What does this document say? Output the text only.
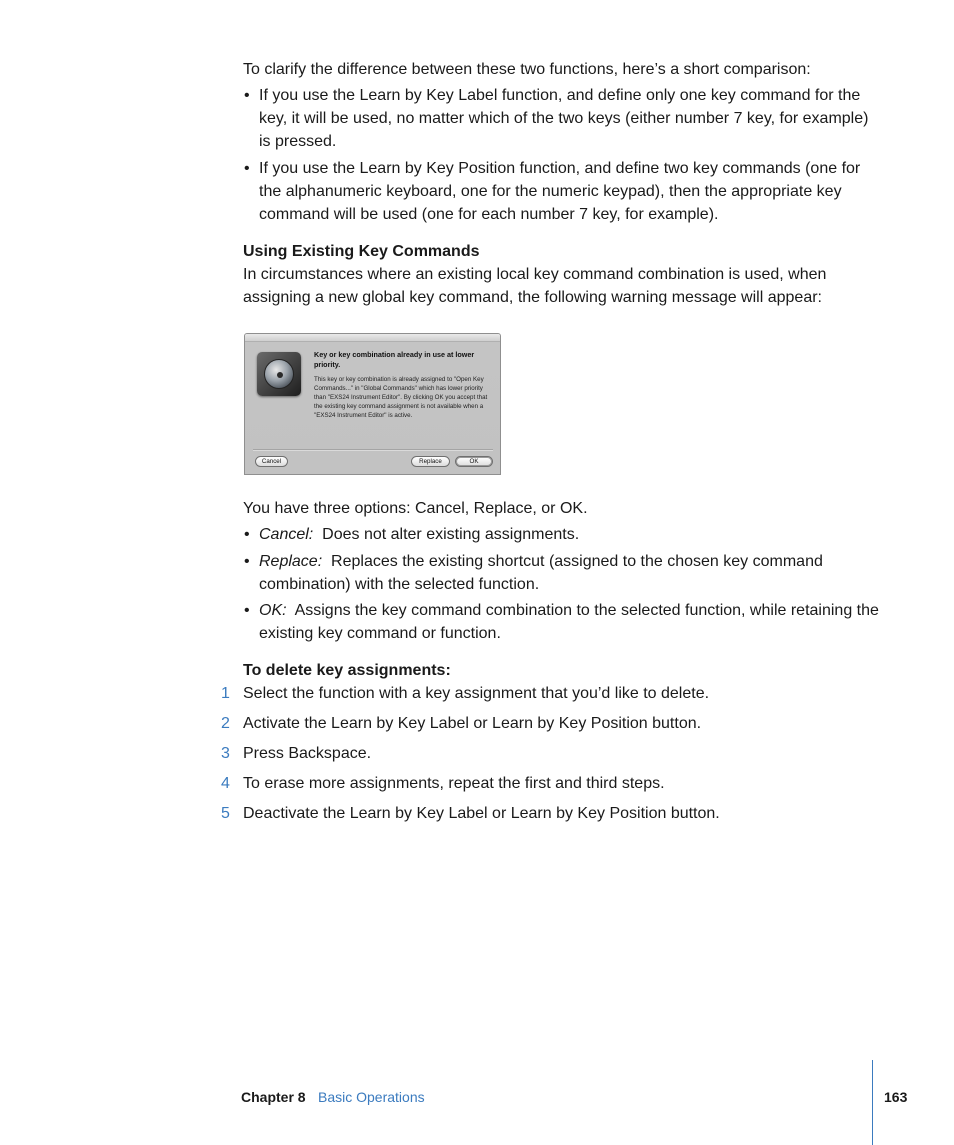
To clarify the difference between these two functions, here’s a short comparison:

• If you use the Learn by Key Label function, and define only one key command for the key, it will be used, no matter which of the two keys (either number 7 key, for example) is pressed.
• If you use the Learn by Key Position function, and define two key commands (one for the alphanumeric keyboard, one for the numeric keypad), then the appropriate key command will be used (one for each number 7 key, for example).
Using Existing Key Commands

In circumstances where an existing local key command combination is used, when assigning a new global key command, the following warning message will appear:

Key or key combination already in use at lower priority.
This key or key combination is already assigned to "Open Key Commands..." in "Global Commands" which has lower priority than "EXS24 Instrument Editor". By clicking OK you accept that the existing key command assignment is not available when a "EXS24 Instrument Editor" is active.
Cancel	Replace	OK

You have three options: Cancel, Replace, or OK.

• Cancel:  Does not alter existing assignments.
• Replace:  Replaces the existing shortcut (assigned to the chosen key command combination) with the selected function.
• OK:  Assigns the key command combination to the selected function, while retaining the existing key command or function.
To delete key assignments:
1 Select the function with a key assignment that you’d like to delete.
2 Activate the Learn by Key Label or Learn by Key Position button.
3 Press Backspace.
4 To erase more assignments, repeat the first and third steps.
5 Deactivate the Learn by Key Label or Learn by Key Position button.
Chapter 8 Basic Operations	163
